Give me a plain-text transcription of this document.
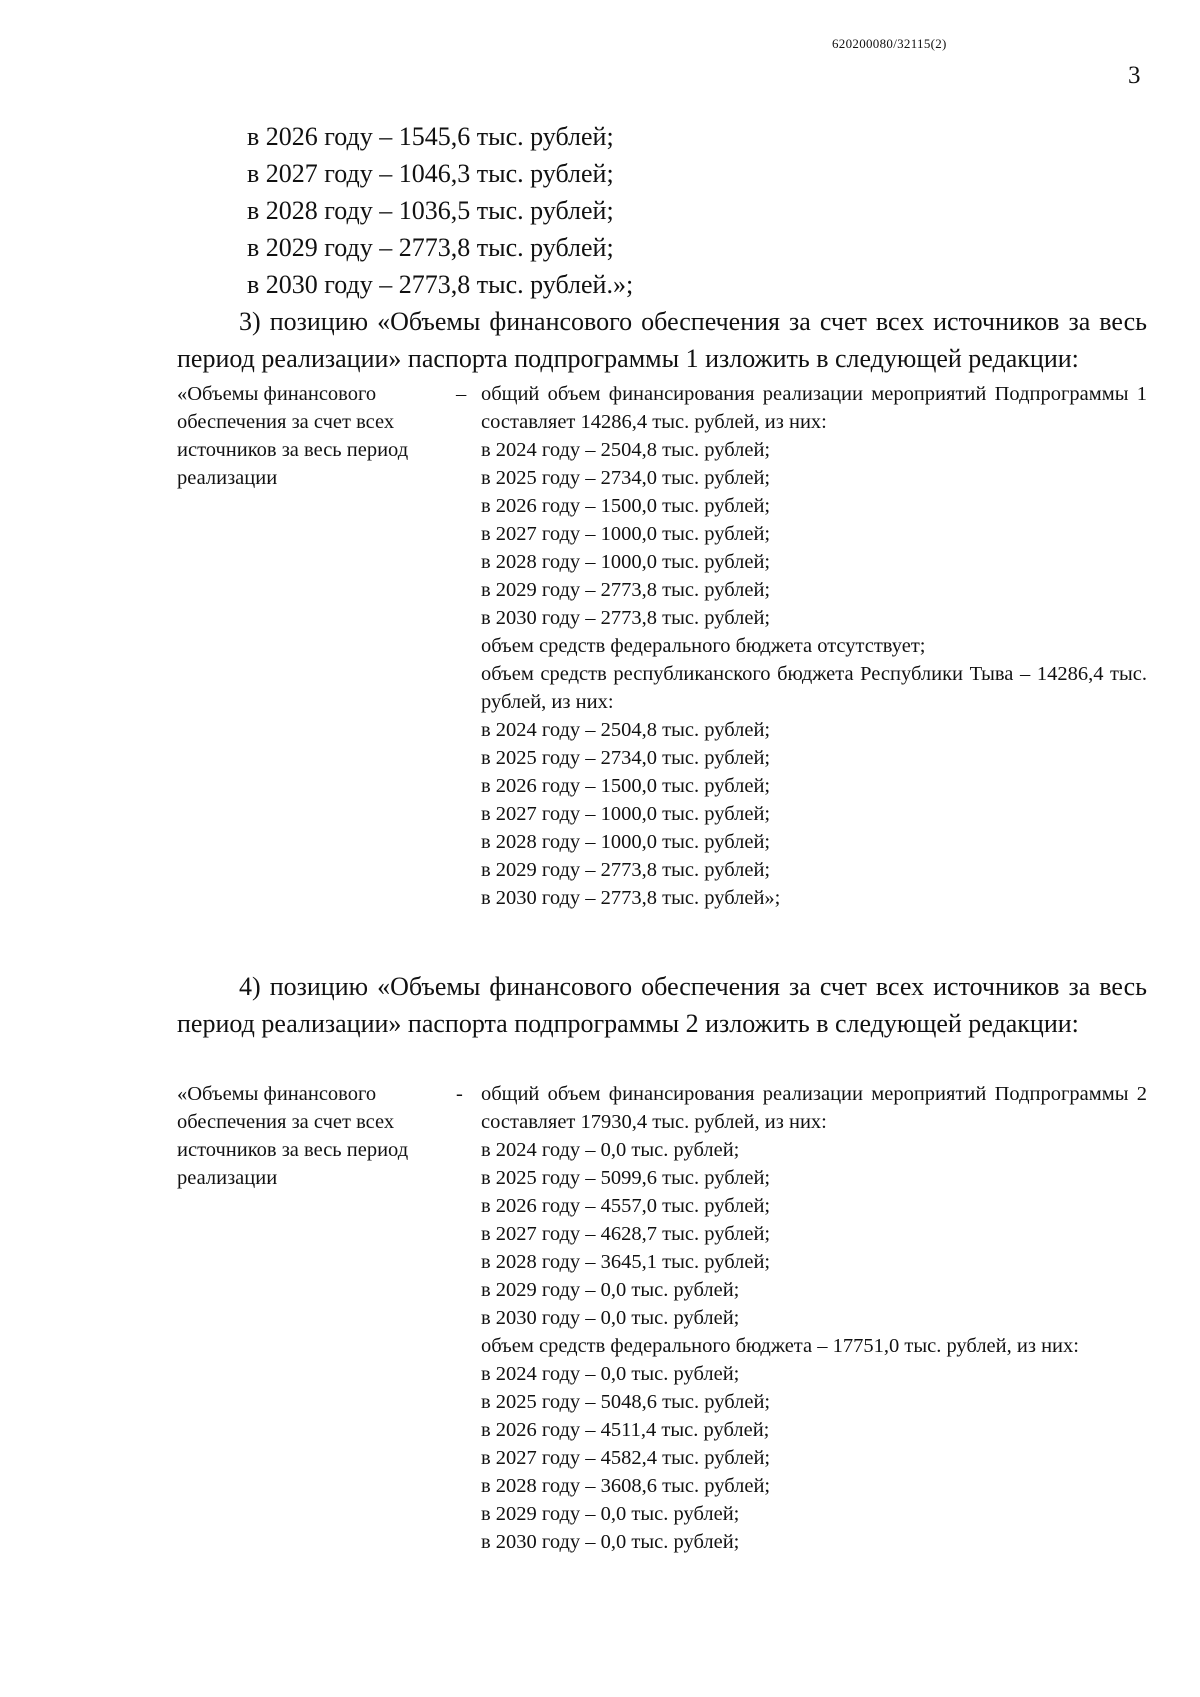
620200080/32115(2)
3
в 2026 году – 1545,6 тыс. рублей;
в 2027 году – 1046,3 тыс. рублей;
в 2028 году – 1036,5 тыс. рублей;
в 2029 году – 2773,8 тыс. рублей;
в 2030 году – 2773,8 тыс. рублей.»;
3) позицию «Объемы финансового обеспечения за счет всех источников за весь период реализации» паспорта подпрограммы 1 изложить в следующей редакции:
«Объемы финансового обеспечения за счет всех источников за весь период реализации
– общий объем финансирования реализации мероприятий Подпрограммы 1 составляет 14286,4 тыс. рублей, из них:
в 2024 году – 2504,8 тыс. рублей;
в 2025 году – 2734,0 тыс. рублей;
в 2026 году – 1500,0 тыс. рублей;
в 2027 году – 1000,0 тыс. рублей;
в 2028 году – 1000,0 тыс. рублей;
в 2029 году – 2773,8 тыс. рублей;
в 2030 году – 2773,8 тыс. рублей;
объем средств федерального бюджета отсутствует;
объем средств республиканского бюджета Республики Тыва – 14286,4 тыс. рублей, из них:
в 2024 году – 2504,8 тыс. рублей;
в 2025 году – 2734,0 тыс. рублей;
в 2026 году – 1500,0 тыс. рублей;
в 2027 году – 1000,0 тыс. рублей;
в 2028 году – 1000,0 тыс. рублей;
в 2029 году – 2773,8 тыс. рублей;
в 2030 году – 2773,8 тыс. рублей»;
4) позицию «Объемы финансового обеспечения за счет всех источников за весь период реализации» паспорта подпрограммы 2 изложить в следующей редакции:
«Объемы финансового обеспечения за счет всех источников за весь период реализации
- общий объем финансирования реализации мероприятий Подпрограммы 2 составляет 17930,4 тыс. рублей, из них:
в 2024 году – 0,0 тыс. рублей;
в 2025 году – 5099,6 тыс. рублей;
в 2026 году – 4557,0 тыс. рублей;
в 2027 году – 4628,7 тыс. рублей;
в 2028 году – 3645,1 тыс. рублей;
в 2029 году – 0,0 тыс. рублей;
в 2030 году – 0,0 тыс. рублей;
объем средств федерального бюджета – 17751,0 тыс. рублей, из них:
в 2024 году – 0,0 тыс. рублей;
в 2025 году – 5048,6 тыс. рублей;
в 2026 году – 4511,4 тыс. рублей;
в 2027 году – 4582,4 тыс. рублей;
в 2028 году – 3608,6 тыс. рублей;
в 2029 году – 0,0 тыс. рублей;
в 2030 году – 0,0 тыс. рублей;
